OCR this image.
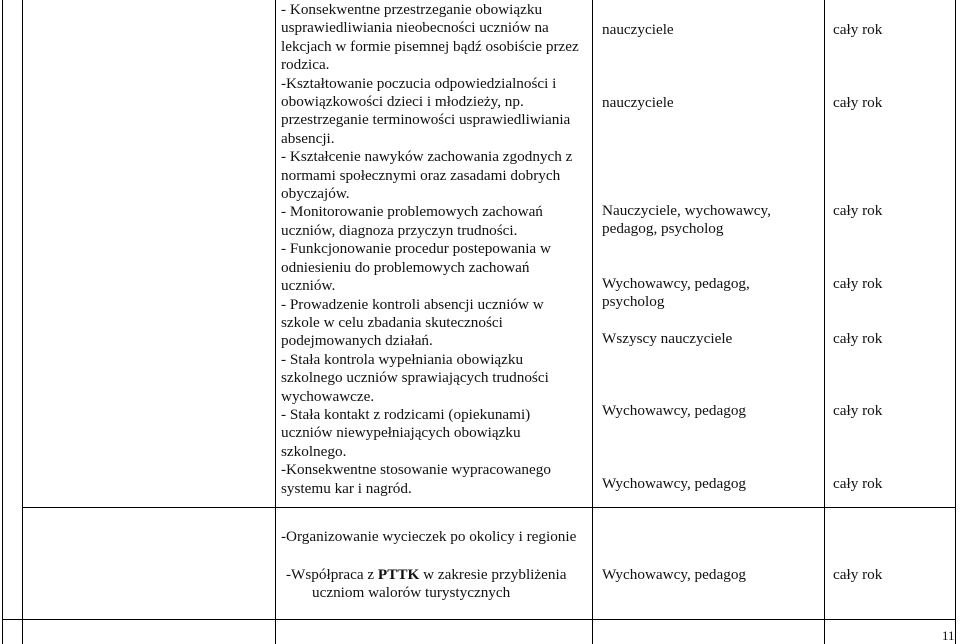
- Konsekwentne przestrzeganie obowiązku
usprawiedliwiania nieobecności uczniów na
lekcjach w formie pisemnej bądź osobiście przez
rodzica.
-Kształtowanie poczucia odpowiedzialności i
obowiązkowości dzieci i młodzieży, np.
przestrzeganie terminowości usprawiedliwiania
absencji.
- Kształcenie nawyków zachowania zgodnych z
normami społecznymi oraz zasadami dobrych
obyczajów.
- Monitorowanie problemowych zachowań
uczniów, diagnoza przyczyn trudności.
- Funkcjonowanie procedur postepowania w
odniesieniu do problemowych zachowań
uczniów.
- Prowadzenie kontroli absencji uczniów w
szkole w celu zbadania skuteczności
podejmowanych działań.
- Stała kontrola wypełniania obowiązku
szkolnego uczniów sprawiających trudności
wychowawcze.
- Stała kontakt z rodzicami (opiekunami)
uczniów niewypełniających obowiązku
szkolnego.
-Konsekwentne stosowanie wypracowanego
systemu kar i nagród.
nauczyciele
nauczyciele
Nauczyciele, wychowawcy,
pedagog, psycholog
Wychowawcy, pedagog,
psycholog
Wszyscy nauczyciele
Wychowawcy, pedagog
Wychowawcy, pedagog
cały rok
cały rok
cały rok
cały rok
cały rok
cały rok
cały rok
-Organizowanie wycieczek po okolicy i regionie
-Współpraca z PTTK w zakresie przybliżenia
uczniom walorów turystycznych
Wychowawcy, pedagog	cały rok
11
